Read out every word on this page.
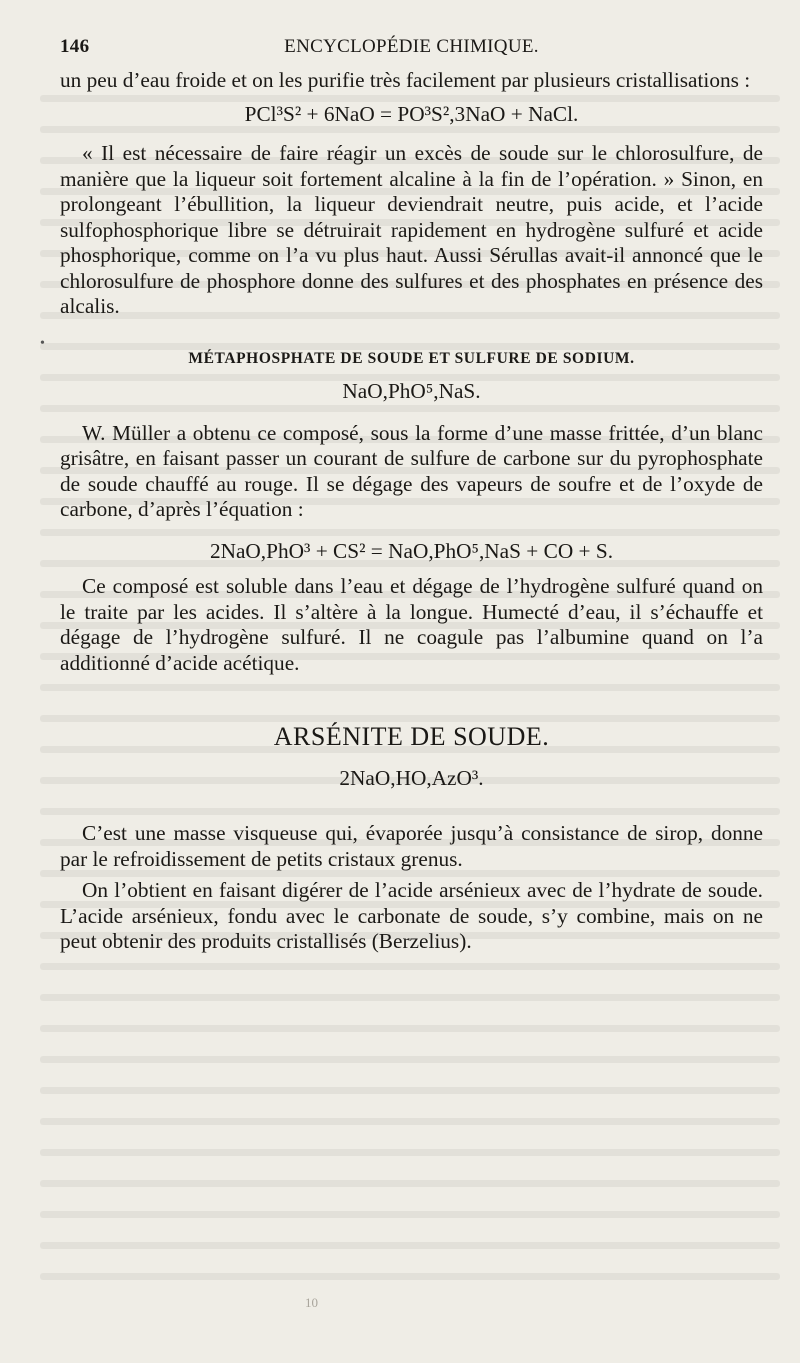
146	ENCYCLOPÉDIE CHIMIQUE.

un peu d’eau froide et on les purifie très facilement par plusieurs cristallisations :

PCl³S² + 6NaO = PO³S²,3NaO + NaCl.

« Il est nécessaire de faire réagir un excès de soude sur le chlorosulfure, de manière que la liqueur soit fortement alcaline à la fin de l’opération. » Sinon, en prolongeant l’ébullition, la liqueur deviendrait neutre, puis acide, et l’acide sulfophosphorique libre se détruirait rapidement en hydrogène sulfuré et acide phosphorique, comme on l’a vu plus haut. Aussi Sérullas avait-il annoncé que le chlorosulfure de phosphore donne des sulfures et des phosphates en présence des alcalis.

MÉTAPHOSPHATE DE SOUDE ET SULFURE DE SODIUM.

NaO,PhO⁵,NaS.

W. Müller a obtenu ce composé, sous la forme d’une masse frittée, d’un blanc grisâtre, en faisant passer un courant de sulfure de carbone sur du pyrophosphate de soude chauffé au rouge. Il se dégage des vapeurs de soufre et de l’oxyde de carbone, d’après l’équation :

2NaO,PhO³ + CS² = NaO,PhO⁵,NaS + CO + S.

Ce composé est soluble dans l’eau et dégage de l’hydrogène sulfuré quand on le traite par les acides. Il s’altère à la longue. Humecté d’eau, il s’échauffe et dégage de l’hydrogène sulfuré. Il ne coagule pas l’albumine quand on l’a additionné d’acide acétique.

ARSÉNITE DE SOUDE.

2NaO,HO,AzO³.

C’est une masse visqueuse qui, évaporée jusqu’à consistance de sirop, donne par le refroidissement de petits cristaux grenus.

On l’obtient en faisant digérer de l’acide arsénieux avec de l’hydrate de soude. L’acide arsénieux, fondu avec le carbonate de soude, s’y combine, mais on ne peut obtenir des produits cristallisés (Berzelius).

•
10
